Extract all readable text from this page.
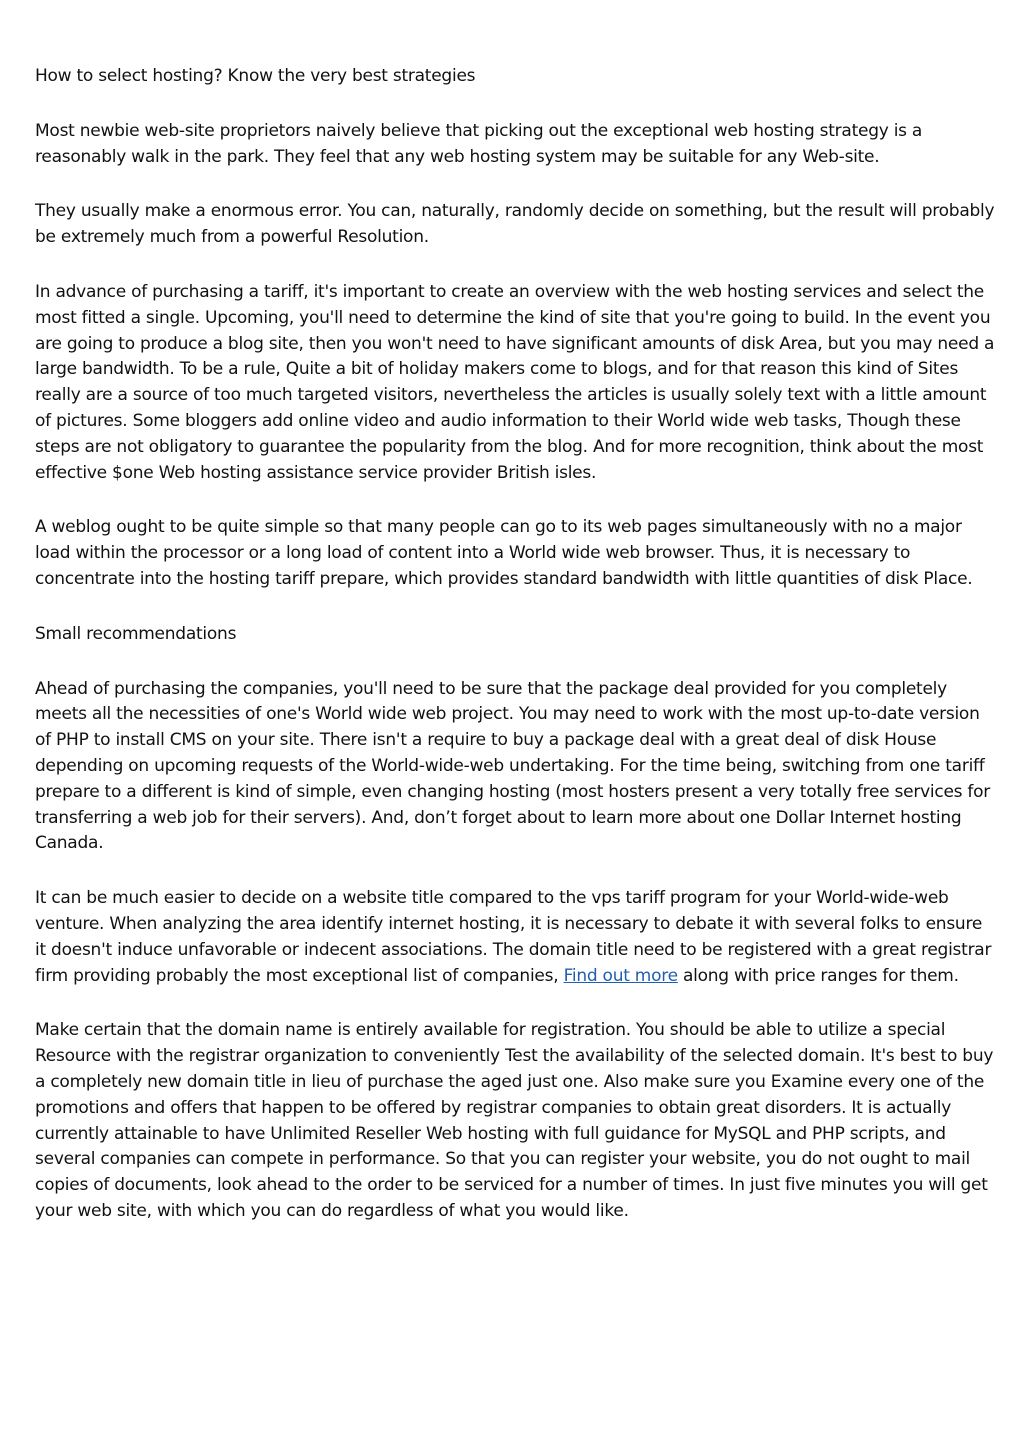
How to select hosting? Know the very best strategies

Most newbie web-site proprietors naively believe that picking out the exceptional web hosting strategy is a reasonably walk in the park. They feel that any web hosting system may be suitable for any Web-site.

They usually make a enormous error. You can, naturally, randomly decide on something, but the result will probably be extremely much from a powerful Resolution.

In advance of purchasing a tariff, it's important to create an overview with the web hosting services and select the most fitted a single. Upcoming, you'll need to determine the kind of site that you're going to build. In the event you are going to produce a blog site, then you won't need to have significant amounts of disk Area, but you may need a large bandwidth. To be a rule, Quite a bit of holiday makers come to blogs, and for that reason this kind of Sites really are a source of too much targeted visitors, nevertheless the articles is usually solely text with a little amount of pictures. Some bloggers add online video and audio information to their World wide web tasks, Though these steps are not obligatory to guarantee the popularity from the blog. And for more recognition, think about the most effective $one Web hosting assistance service provider British isles.

A weblog ought to be quite simple so that many people can go to its web pages simultaneously with no a major load within the processor or a long load of content into a World wide web browser. Thus, it is necessary to concentrate into the hosting tariff prepare, which provides standard bandwidth with little quantities of disk Place.

Small recommendations

Ahead of purchasing the companies, you'll need to be sure that the package deal provided for you completely meets all the necessities of one's World wide web project. You may need to work with the most up-to-date version of PHP to install CMS on your site. There isn't a require to buy a package deal with a great deal of disk House depending on upcoming requests of the World-wide-web undertaking. For the time being, switching from one tariff prepare to a different is kind of simple, even changing hosting (most hosters present a very totally free services for transferring a web job for their servers). And, don’t forget about to learn more about one Dollar Internet hosting Canada.

It can be much easier to decide on a website title compared to the vps tariff program for your World-wide-web venture. When analyzing the area identify internet hosting, it is necessary to debate it with several folks to ensure it doesn't induce unfavorable or indecent associations. The domain title need to be registered with a great registrar firm providing probably the most exceptional list of companies, Find out more along with price ranges for them.

Make certain that the domain name is entirely available for registration. You should be able to utilize a special Resource with the registrar organization to conveniently Test the availability of the selected domain. It's best to buy a completely new domain title in lieu of purchase the aged just one. Also make sure you Examine every one of the promotions and offers that happen to be offered by registrar companies to obtain great disorders. It is actually currently attainable to have Unlimited Reseller Web hosting with full guidance for MySQL and PHP scripts, and several companies can compete in performance. So that you can register your website, you do not ought to mail copies of documents, look ahead to the order to be serviced for a number of times. In just five minutes you will get your web site, with which you can do regardless of what you would like.
